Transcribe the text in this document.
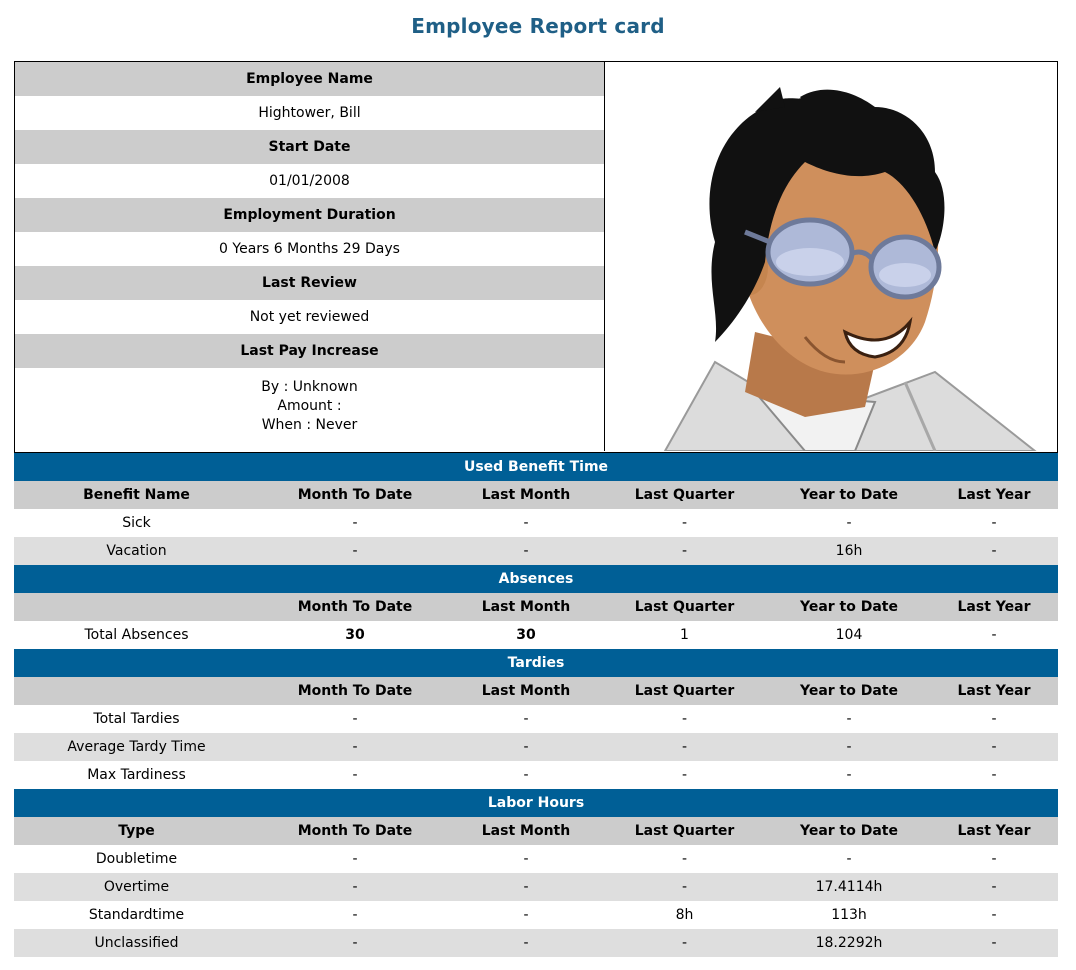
Employee Report card
Employee Name
Hightower, Bill
Start Date
01/01/2008
Employment Duration
0 Years 6 Months 29 Days
Last Review
Not yet reviewed
Last Pay Increase
By : Unknown
Amount :
When : Never
Used Benefit Time					
Benefit Name	Month To Date	Last Month	Last Quarter	Year to Date	Last Year
Sick	-	-	-	-	-
Vacation	-	-	-	16h	-
Absences					
	Month To Date	Last Month	Last Quarter	Year to Date	Last Year
Total Absences	30	30	1	104	-
Tardies					
	Month To Date	Last Month	Last Quarter	Year to Date	Last Year
Total Tardies	-	-	-	-	-
Average Tardy Time	-	-	-	-	-
Max Tardiness	-	-	-	-	-
Labor Hours					
Type	Month To Date	Last Month	Last Quarter	Year to Date	Last Year
Doubletime	-	-	-	-	-
Overtime	-	-	-	17.4114h	-
Standardtime	-	-	8h	113h	-
Unclassified	-	-	-	18.2292h	-
